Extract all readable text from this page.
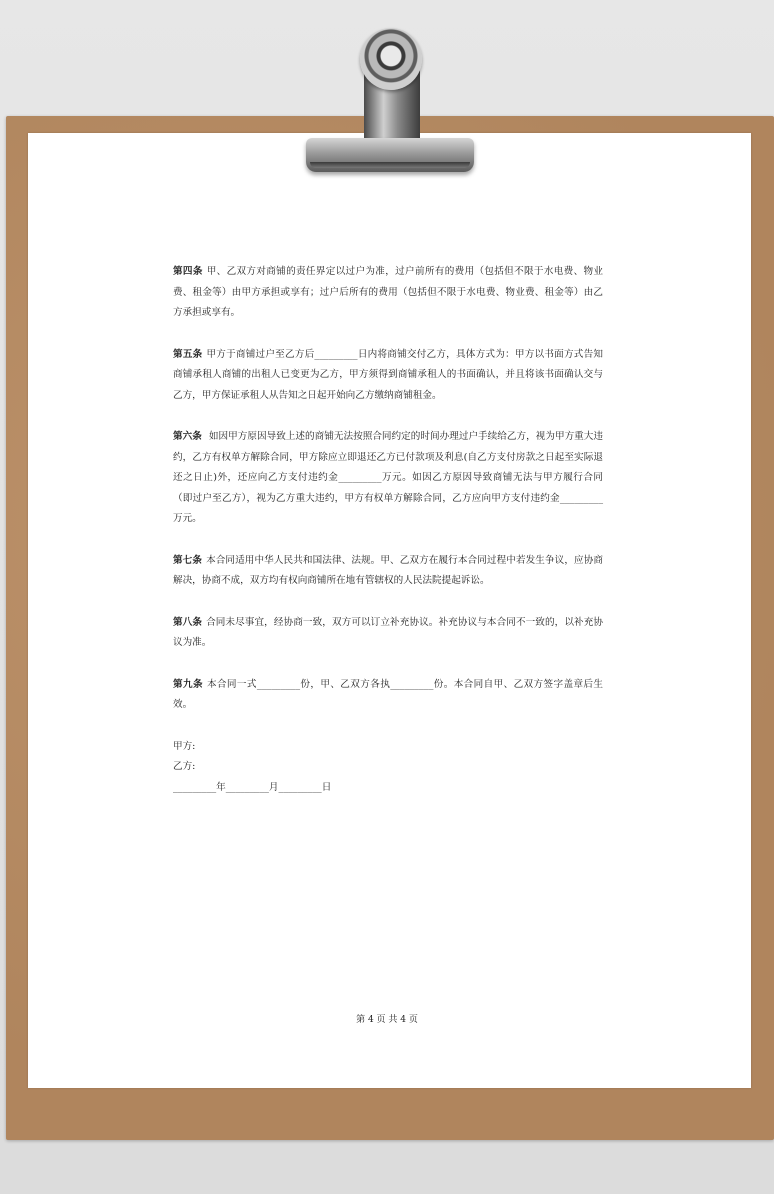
第四条 甲、乙双方对商铺的责任界定以过户为准，过户前所有的费用（包括但不限于水电费、物业费、租金等）由甲方承担或享有；过户后所有的费用（包括但不限于水电费、物业费、租金等）由乙方承担或享有。

第五条 甲方于商铺过户至乙方后_________日内将商铺交付乙方，具体方式为：甲方以书面方式告知商铺承租人商铺的出租人已变更为乙方，甲方须得到商铺承租人的书面确认，并且将该书面确认交与乙方，甲方保证承租人从告知之日起开始向乙方缴纳商铺租金。

第六条 如因甲方原因导致上述的商铺无法按照合同约定的时间办理过户手续给乙方，视为甲方重大违约，乙方有权单方解除合同，甲方除应立即退还乙方已付款项及利息(自乙方支付房款之日起至实际退还之日止)外，还应向乙方支付违约金_________万元。如因乙方原因导致商铺无法与甲方履行合同（即过户至乙方），视为乙方重大违约，甲方有权单方解除合同，乙方应向甲方支付违约金_________万元。

第七条 本合同适用中华人民共和国法律、法规。甲、乙双方在履行本合同过程中若发生争议，应协商解决，协商不成，双方均有权向商铺所在地有管辖权的人民法院提起诉讼。

第八条 合同未尽事宜，经协商一致，双方可以订立补充协议。补充协议与本合同不一致的，以补充协议为准。

第九条 本合同一式_________份，甲、乙双方各执_________份。本合同自甲、乙双方签字盖章后生效。

甲方:

乙方:

_________年_________月_________日

第 4 页 共 4 页
